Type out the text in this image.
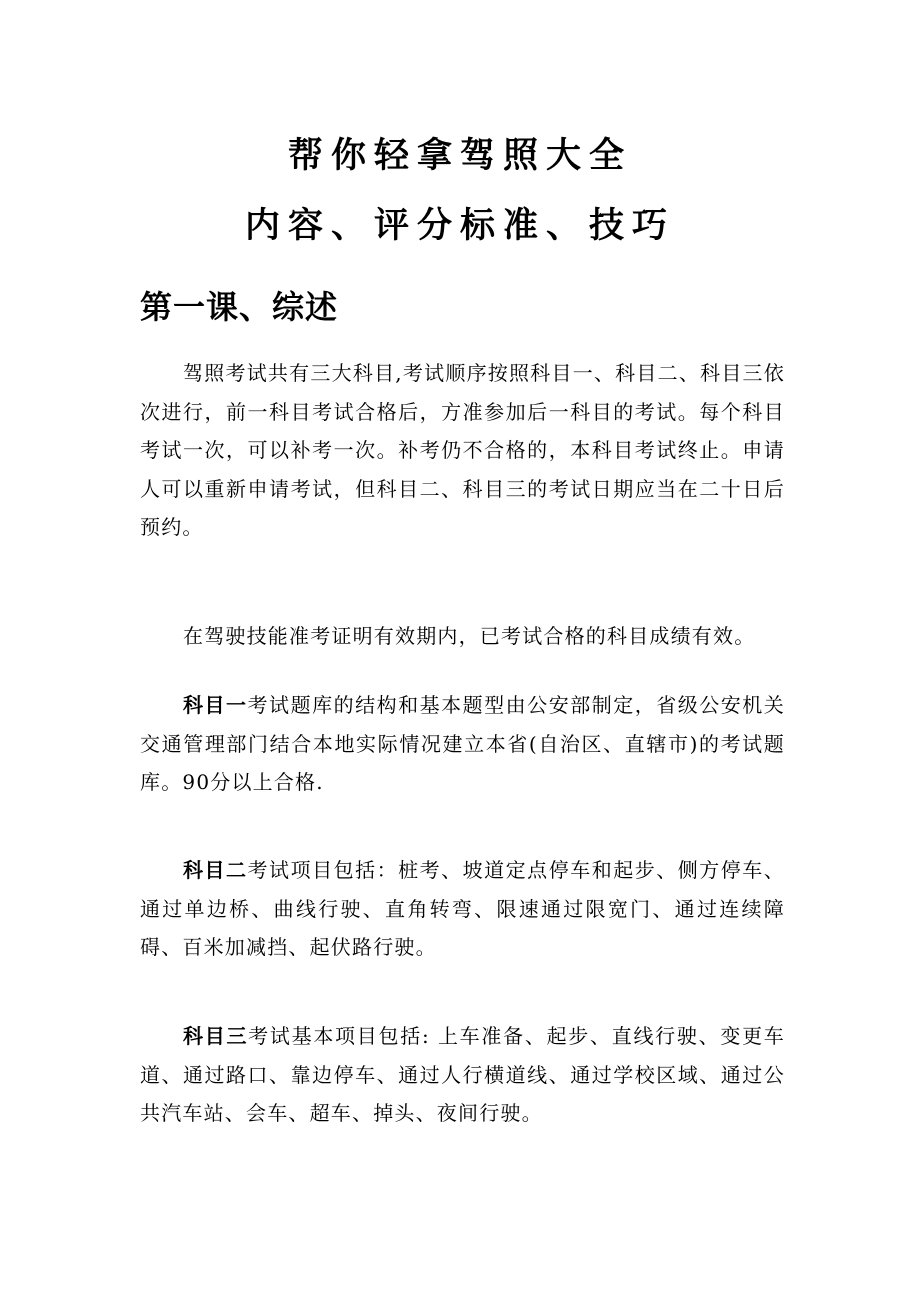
帮你轻拿驾照大全
内容、评分标准、技巧
第一课、综述

驾照考试共有三大科目,考试顺序按照科目一、科目二、科目三依次进行，前一科目考试合格后，方准参加后一科目的考试。每个科目考试一次，可以补考一次。补考仍不合格的，本科目考试终止。申请人可以重新申请考试，但科目二、科目三的考试日期应当在二十日后预约。

在驾驶技能准考证明有效期内，已考试合格的科目成绩有效。

科目一考试题库的结构和基本题型由公安部制定，省级公安机关交通管理部门结合本地实际情况建立本省(自治区、直辖市)的考试题库。90分以上合格.

科目二考试项目包括：桩考、坡道定点停车和起步、侧方停车、通过单边桥、曲线行驶、直角转弯、限速通过限宽门、通过连续障碍、百米加减挡、起伏路行驶。

科目三考试基本项目包括: 上车准备、起步、直线行驶、变更车道、通过路口、靠边停车、通过人行横道线、通过学校区域、通过公共汽车站、会车、超车、掉头、夜间行驶。
